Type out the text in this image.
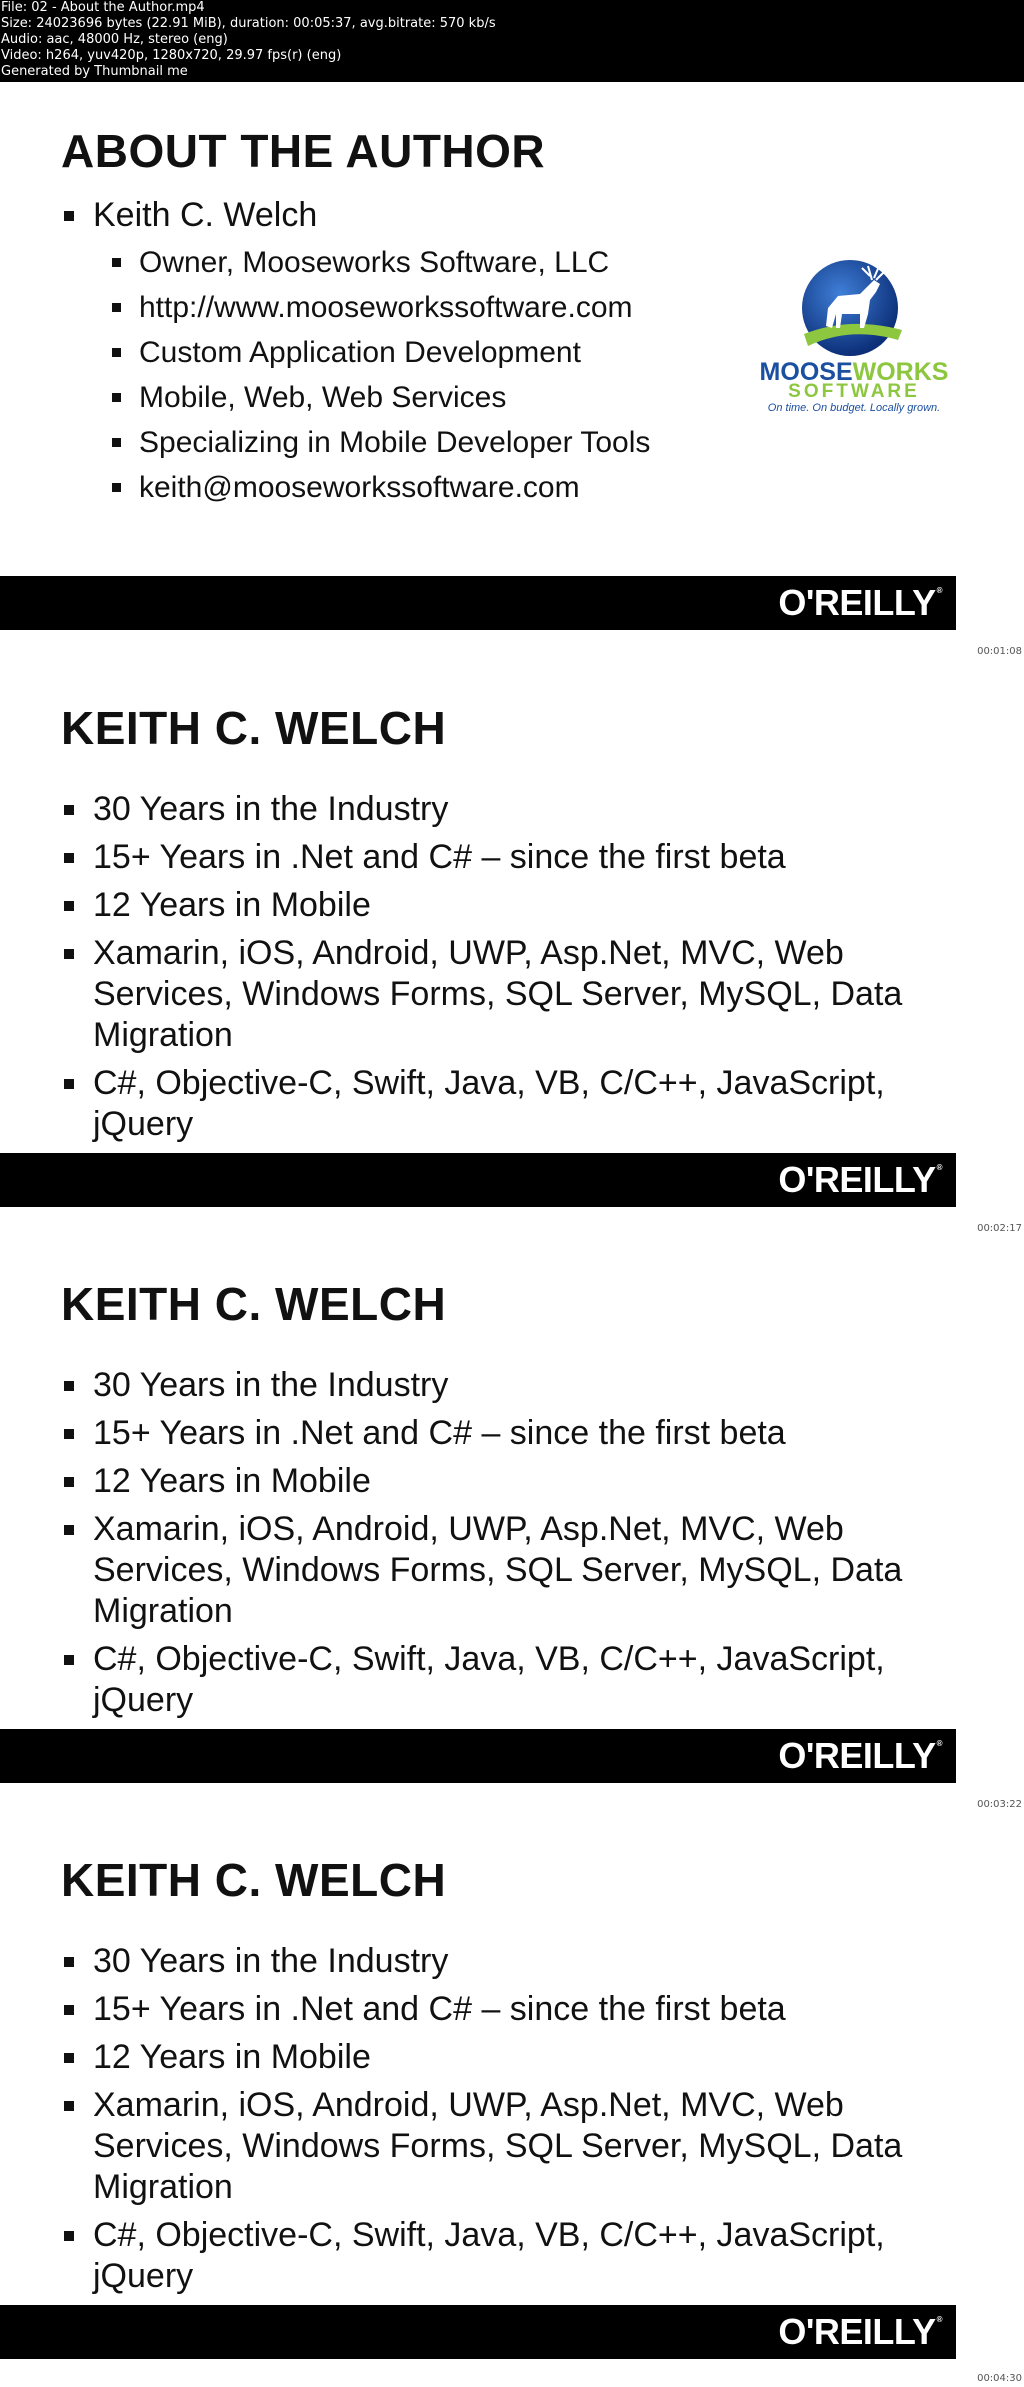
File: 02 - About the Author.mp4
Size: 24023696 bytes (22.91 MiB), duration: 00:05:37, avg.bitrate: 570 kb/s
Audio: aac, 48000 Hz, stereo (eng)
Video: h264, yuv420p, 1280x720, 29.97 fps(r) (eng)
Generated by Thumbnail me
ABOUT THE AUTHOR
Keith C. Welch
Owner, Mooseworks Software, LLC
http://www.mooseworkssoftware.com
Custom Application Development
Mobile, Web, Web Services
Specializing in Mobile Developer Tools
keith@mooseworkssoftware.com
MOOSEWORKS
SOFTWARE
On time. On budget. Locally grown.
O'REILLY®
00:01:08
KEITH C. WELCH
30 Years in the Industry
15+ Years in .Net and C# – since the first beta
12 Years in Mobile
Xamarin, iOS, Android, UWP, Asp.Net, MVC, Web Services, Windows Forms, SQL Server, MySQL, Data Migration
C#, Objective-C, Swift, Java, VB, C/C++, JavaScript, jQuery
O'REILLY®
00:02:17
KEITH C. WELCH
30 Years in the Industry
15+ Years in .Net and C# – since the first beta
12 Years in Mobile
Xamarin, iOS, Android, UWP, Asp.Net, MVC, Web Services, Windows Forms, SQL Server, MySQL, Data Migration
C#, Objective-C, Swift, Java, VB, C/C++, JavaScript, jQuery
O'REILLY®
00:03:22
KEITH C. WELCH
30 Years in the Industry
15+ Years in .Net and C# – since the first beta
12 Years in Mobile
Xamarin, iOS, Android, UWP, Asp.Net, MVC, Web Services, Windows Forms, SQL Server, MySQL, Data Migration
C#, Objective-C, Swift, Java, VB, C/C++, JavaScript, jQuery
O'REILLY®
00:04:30
